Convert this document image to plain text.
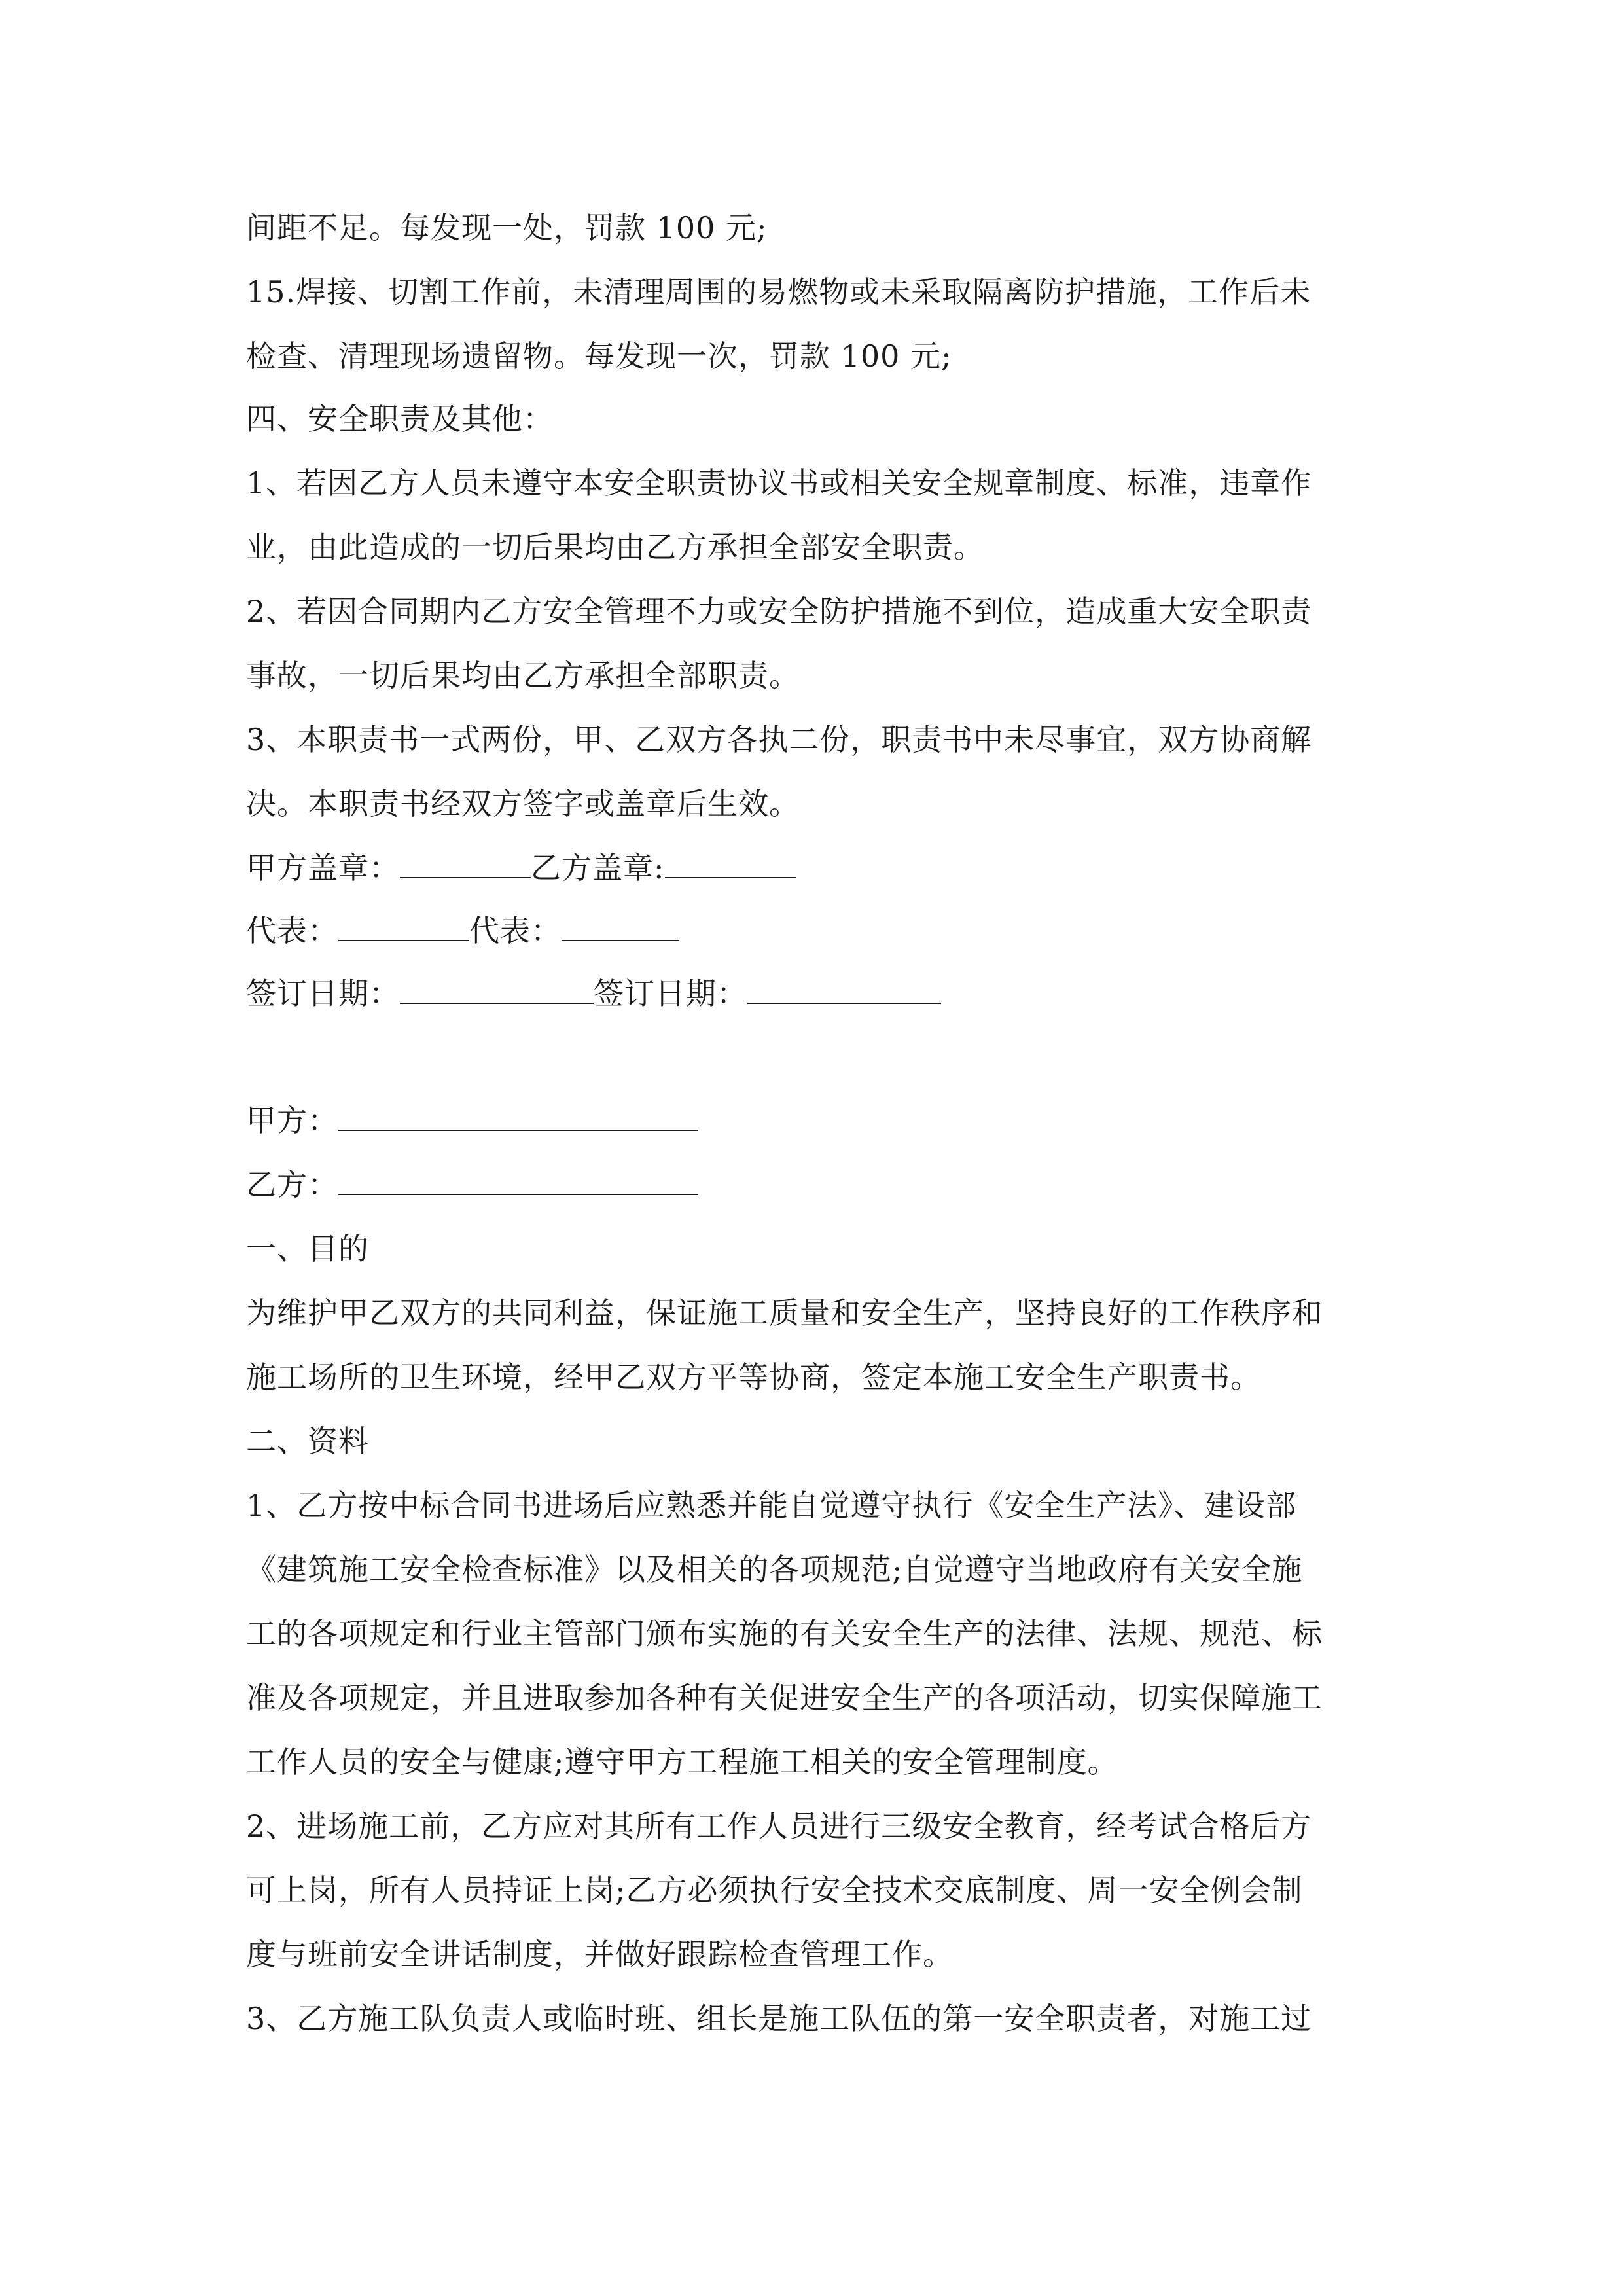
间距不足。每发现一处，罚款 100 元;
15.焊接、切割工作前，未清理周围的易燃物或未采取隔离防护措施，工作后未
检查、清理现场遗留物。每发现一次，罚款 100 元;
四、安全职责及其他：
1、若因乙方人员未遵守本安全职责协议书或相关安全规章制度、标准，违章作
业，由此造成的一切后果均由乙方承担全部安全职责。
2、若因合同期内乙方安全管理不力或安全防护措施不到位，造成重大安全职责
事故，一切后果均由乙方承担全部职责。
3、本职责书一式两份，甲、乙双方各执二份，职责书中未尽事宜，双方协商解
决。本职责书经双方签字或盖章后生效。
甲方盖章：	乙方盖章:
代表：	代表：
签订日期：	签订日期：
甲方：
乙方：
一、目的
为维护甲乙双方的共同利益，保证施工质量和安全生产，坚持良好的工作秩序和
施工场所的卫生环境，经甲乙双方平等协商，签定本施工安全生产职责书。
二、资料
1、乙方按中标合同书进场后应熟悉并能自觉遵守执行《安全生产法》、建设部
《建筑施工安全检查标准》以及相关的各项规范;自觉遵守当地政府有关安全施
工的各项规定和行业主管部门颁布实施的有关安全生产的法律、法规、规范、标
准及各项规定，并且进取参加各种有关促进安全生产的各项活动，切实保障施工
工作人员的安全与健康;遵守甲方工程施工相关的安全管理制度。
2、进场施工前，乙方应对其所有工作人员进行三级安全教育，经考试合格后方
可上岗，所有人员持证上岗;乙方必须执行安全技术交底制度、周一安全例会制
度与班前安全讲话制度，并做好跟踪检查管理工作。
3、乙方施工队负责人或临时班、组长是施工队伍的第一安全职责者，对施工过
